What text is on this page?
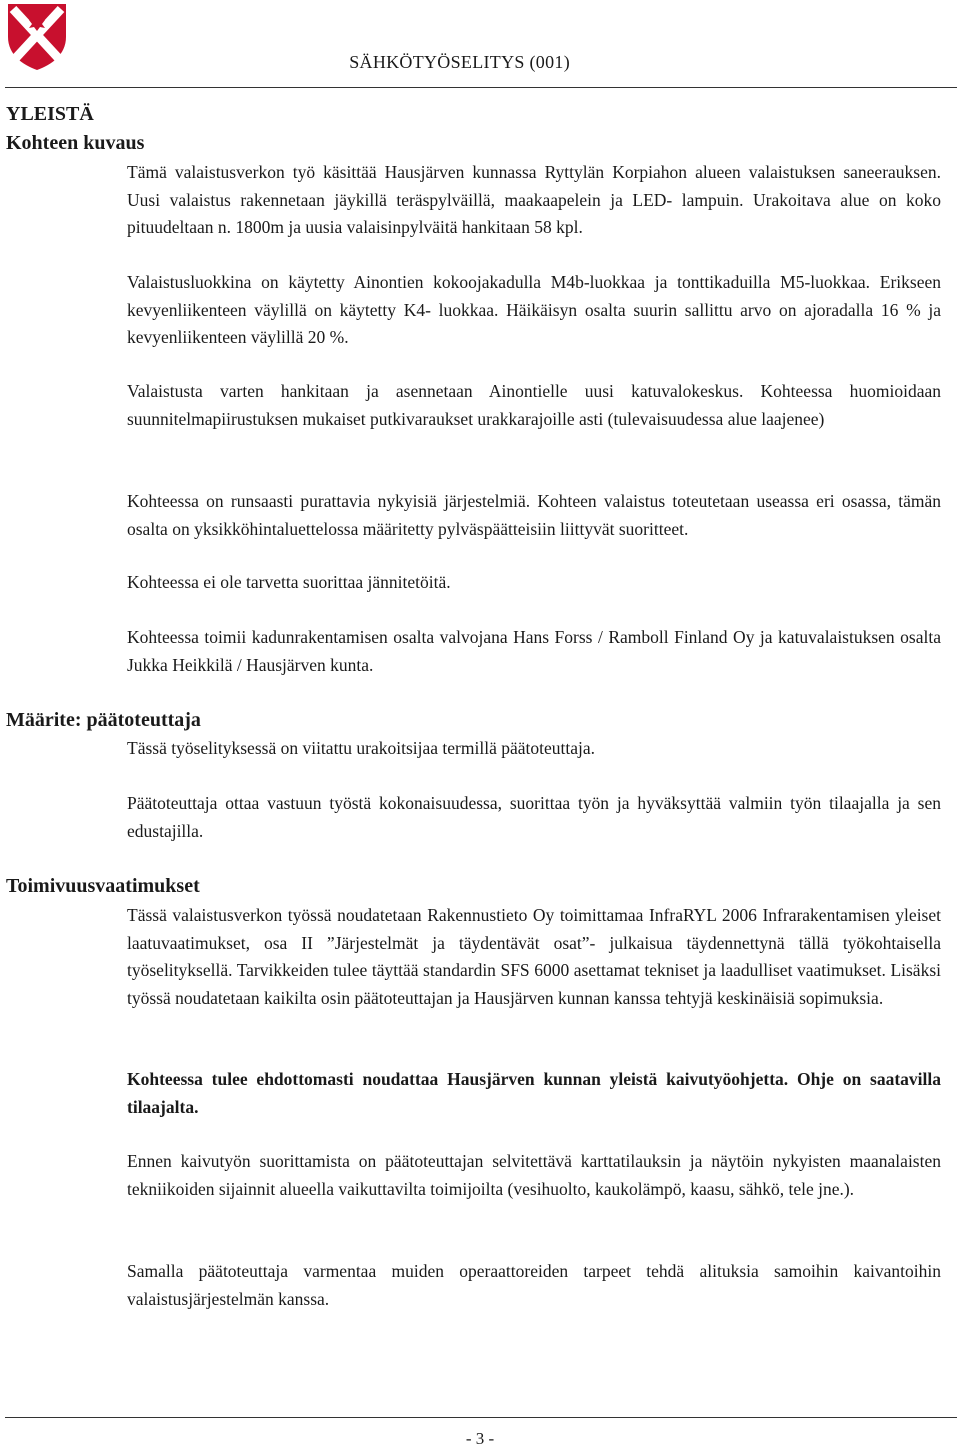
SÄHKÖTYÖSELITYS (001)
YLEISTÄ
Kohteen kuvaus
Tämä valaistusverkon työ käsittää Hausjärven kunnassa Ryttylän Korpiahon alueen valaistuksen saneerauksen. Uusi valaistus rakennetaan jäykillä teräspylväillä, maakaapelein ja LED- lampuin. Urakoitava alue on koko pituudeltaan n. 1800m ja uusia valaisinpylväitä hankitaan 58 kpl.
Valaistusluokkina on käytetty Ainontien kokoojakadulla M4b-luokkaa ja tonttikaduilla M5-luokkaa. Erikseen kevyenliikenteen väylillä on käytetty K4- luokkaa. Häikäisyn osalta suurin sallittu arvo on ajoradalla 16 % ja kevyenliikenteen väylillä 20 %.
Valaistusta varten hankitaan ja asennetaan Ainontielle uusi katuvalokeskus. Kohteessa huomioidaan suunnitelmapiirustuksen mukaiset putkivaraukset urakkarajoille asti (tulevaisuudessa alue laajenee)
Kohteessa on runsaasti purattavia nykyisiä järjestelmiä. Kohteen valaistus toteutetaan useassa eri osassa, tämän osalta on yksikköhintaluettelossa määritetty pylväspäätteisiin liittyvät suoritteet.
Kohteessa ei ole tarvetta suorittaa jännitetöitä.
Kohteessa toimii kadunrakentamisen osalta valvojana Hans Forss / Ramboll Finland Oy ja katuvalaistuksen osalta Jukka Heikkilä / Hausjärven kunta.
Määrite: päätoteuttaja
Tässä työselityksessä on viitattu urakoitsijaa termillä päätoteuttaja.
Päätoteuttaja ottaa vastuun työstä kokonaisuudessa, suorittaa työn ja hyväksyttää valmiin työn tilaajalla ja sen edustajilla.
Toimivuusvaatimukset
Tässä valaistusverkon työssä noudatetaan Rakennustieto Oy toimittamaa InfraRYL 2006 Infrarakentamisen yleiset laatuvaatimukset, osa II ”Järjestelmät ja täydentävät osat”- julkaisua täydennettynä tällä työkohtaisella työselityksellä. Tarvikkeiden tulee täyttää standardin SFS 6000 asettamat tekniset ja laadulliset vaatimukset. Lisäksi työssä noudatetaan kaikilta osin päätoteuttajan ja Hausjärven kunnan kanssa tehtyjä keskinäisiä sopimuksia.
Kohteessa tulee ehdottomasti noudattaa Hausjärven kunnan yleistä kaivutyöohjetta. Ohje on saatavilla tilaajalta.
Ennen kaivutyön suorittamista on päätoteuttajan selvitettävä karttatilauksin ja näytöin nykyisten maanalaisten tekniikoiden sijainnit alueella vaikuttavilta toimijoilta (vesihuolto, kaukolämpö, kaasu, sähkö, tele jne.).
Samalla päätoteuttaja varmentaa muiden operaattoreiden tarpeet tehdä alituksia samoihin kaivantoihin valaistusjärjestelmän kanssa.
- 3 -
